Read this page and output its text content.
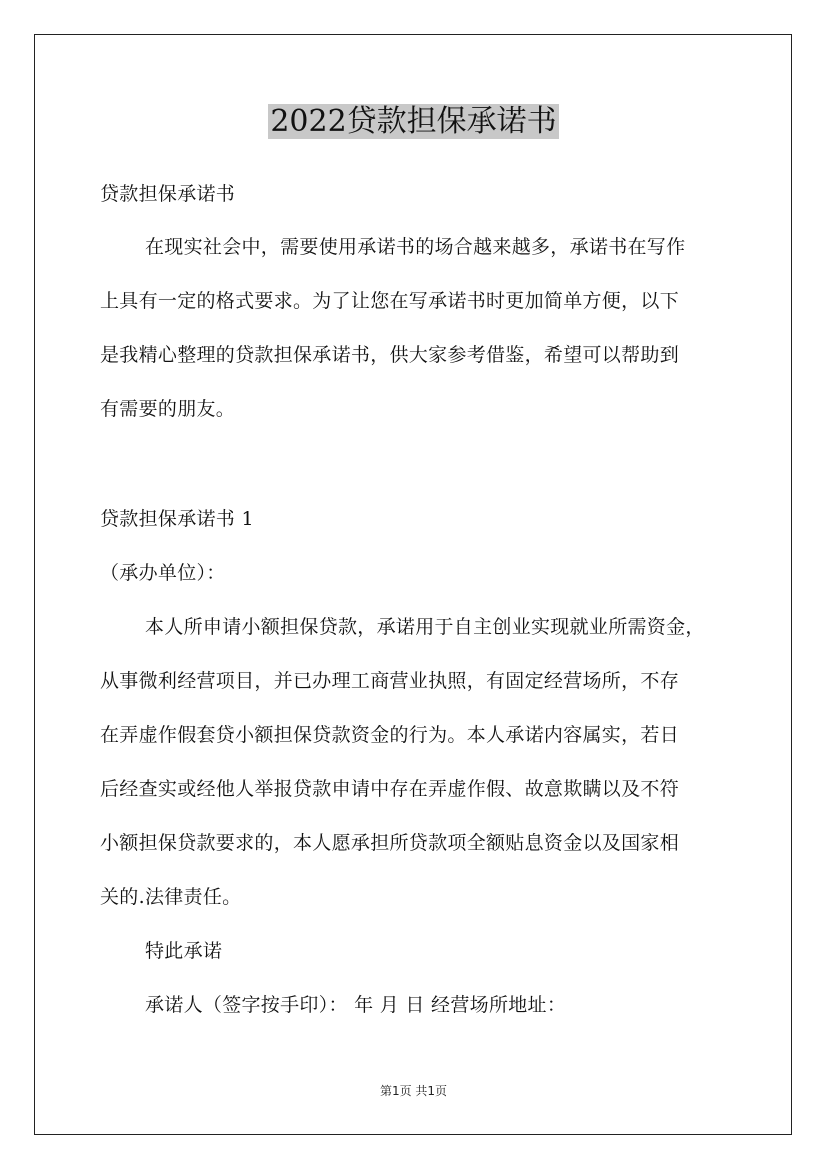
2022贷款担保承诺书
贷款担保承诺书
在现实社会中，需要使用承诺书的场合越来越多，承诺书在写作
上具有一定的格式要求。为了让您在写承诺书时更加简单方便，以下
是我精心整理的贷款担保承诺书，供大家参考借鉴，希望可以帮助到
有需要的朋友。
贷款担保承诺书 1
（承办单位）：
本人所申请小额担保贷款，承诺用于自主创业实现就业所需资金，
从事微利经营项目，并已办理工商营业执照，有固定经营场所，不存
在弄虚作假套贷小额担保贷款资金的行为。本人承诺内容属实，若日
后经查实或经他人举报贷款申请中存在弄虚作假、故意欺瞒以及不符
小额担保贷款要求的，本人愿承担所贷款项全额贴息资金以及国家相
关的.法律责任。
特此承诺
承诺人（签字按手印）： 年 月 日 经营场所地址：
第1页 共1页
